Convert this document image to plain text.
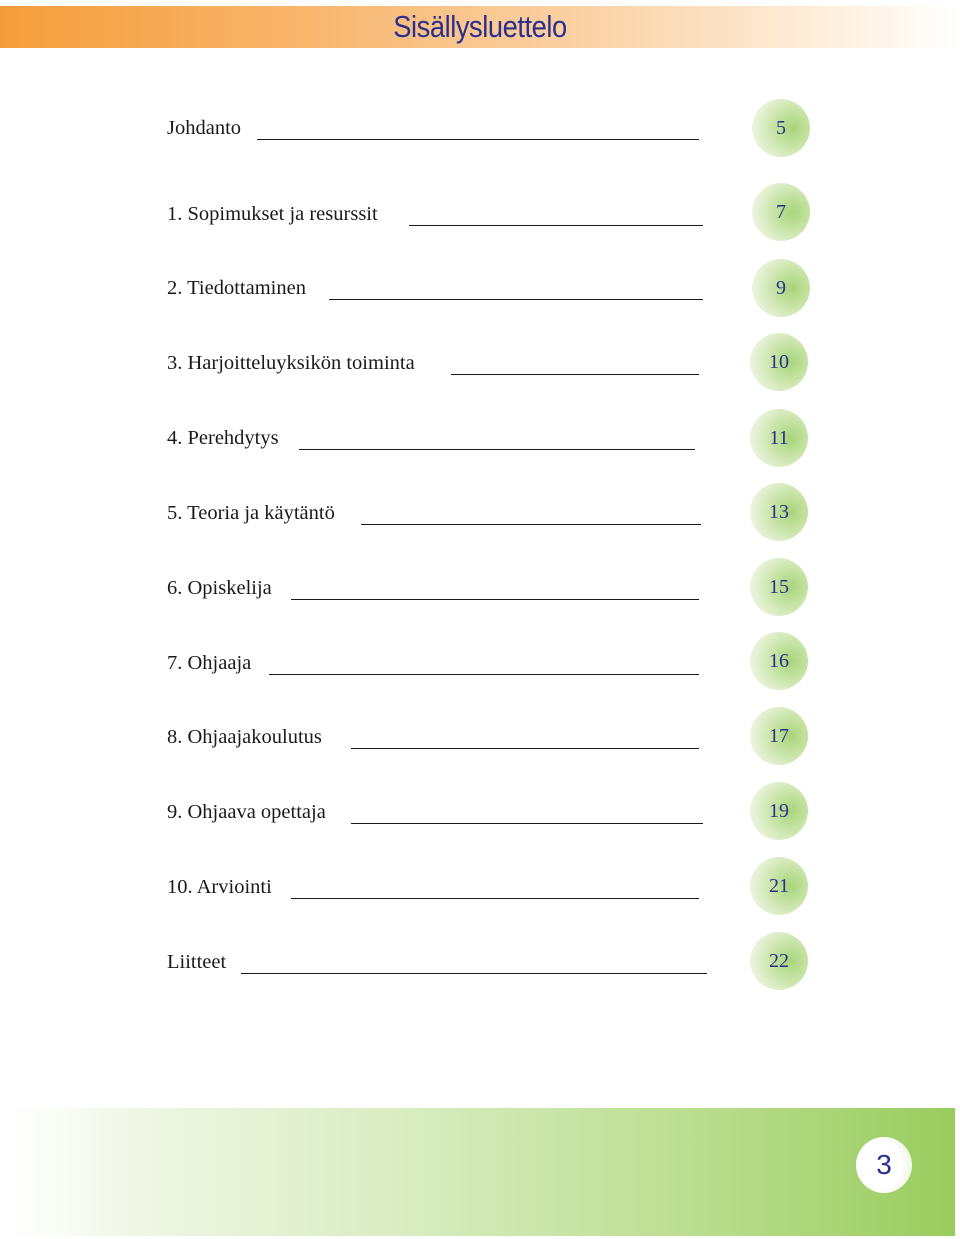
Sisällysluettelo
Johdanto	5
1. Sopimukset ja resurssit	7
2. Tiedottaminen	9
3. Harjoitteluyksikön toiminta	10
4. Perehdytys	11
5. Teoria ja käytäntö	13
6. Opiskelija	15
7. Ohjaaja	16
8. Ohjaajakoulutus	17
9. Ohjaava opettaja	19
10. Arviointi	21
Liitteet	22
3
